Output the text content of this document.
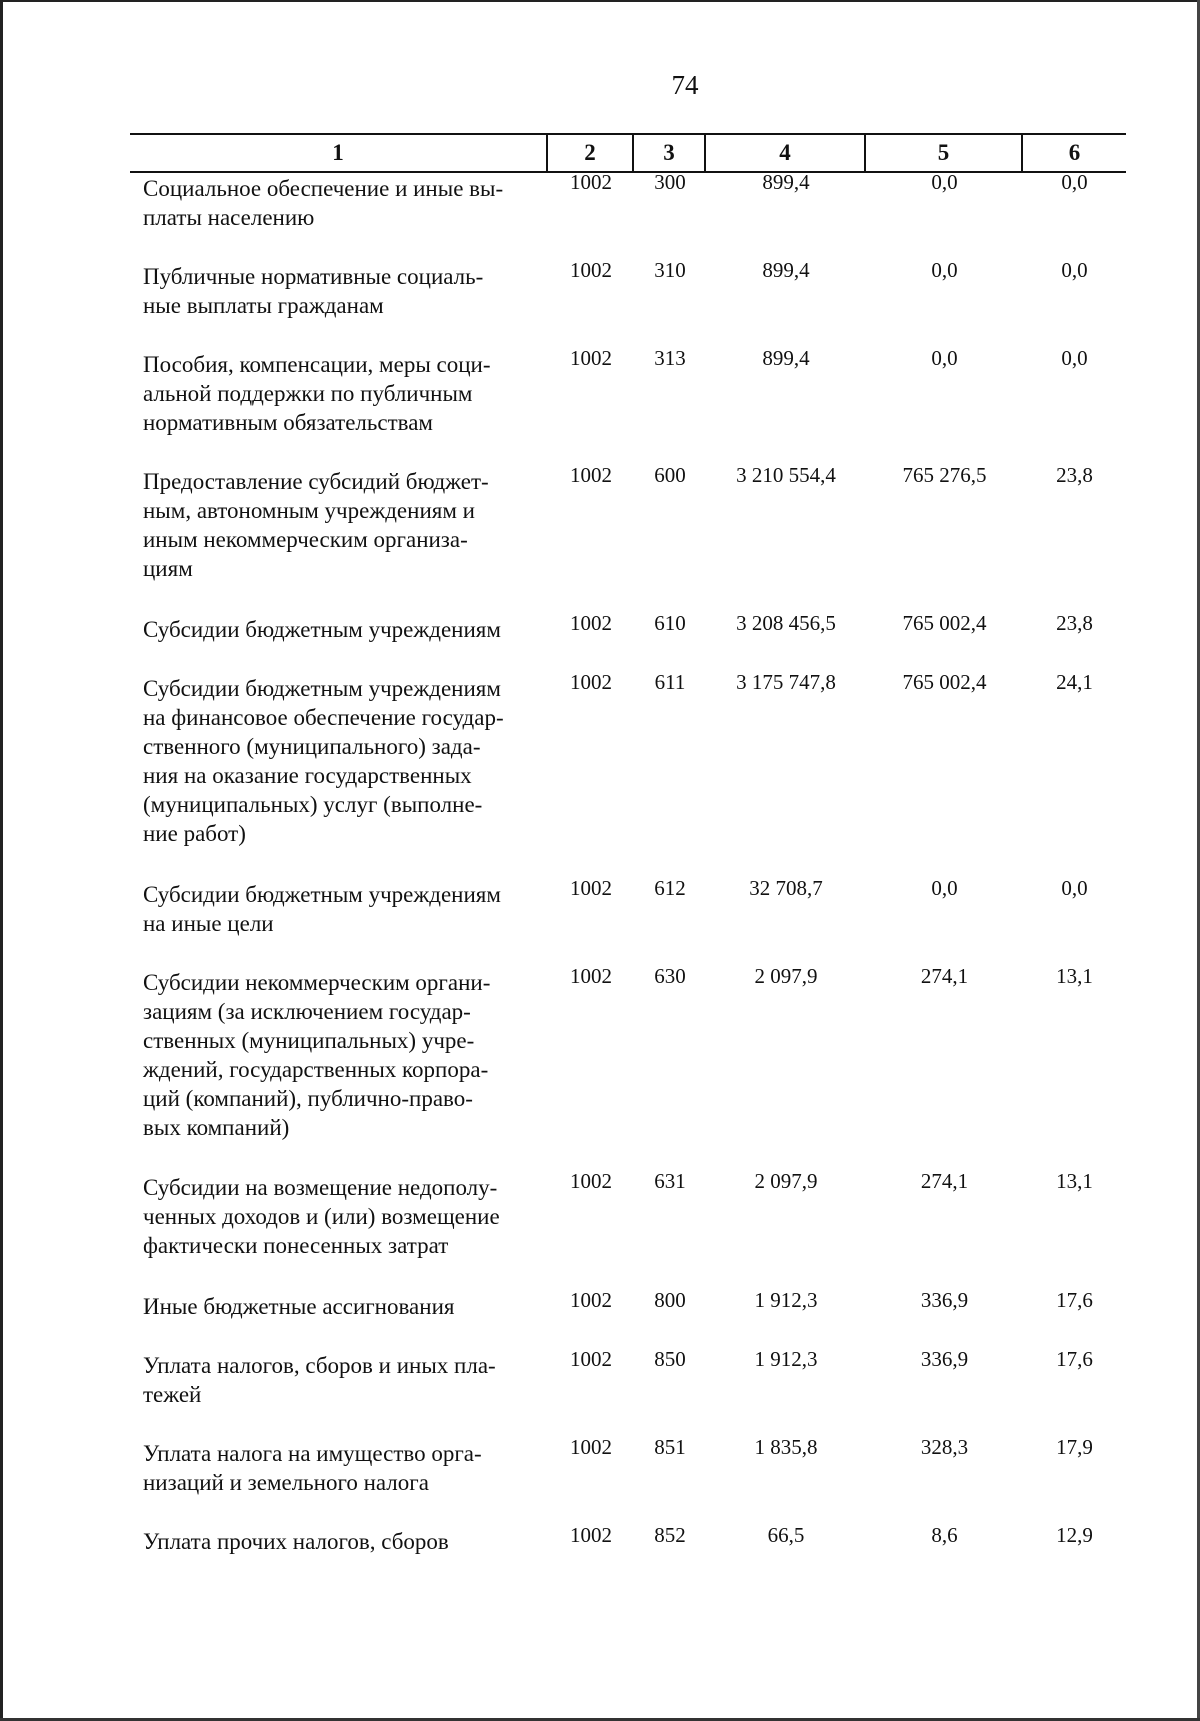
74
1	2	3	4	5	6
Социальное обеспечение и иные вы-
платы населению
1002	300	899,4	0,0	0,0
Публичные нормативные социаль-
ные выплаты гражданам
1002	310	899,4	0,0	0,0
Пособия, компенсации, меры соци-
альной поддержки по публичным
нормативным обязательствам
1002	313	899,4	0,0	0,0
Предоставление субсидий бюджет-
ным, автономным учреждениям и
иным некоммерческим организа-
циям
1002	600	3 210 554,4	765 276,5	23,8
Субсидии бюджетным учреждениям	1002	610	3 208 456,5	765 002,4	23,8
Субсидии бюджетным учреждениям
на финансовое обеспечение государ-
ственного (муниципального) зада-
ния на оказание государственных
(муниципальных) услуг (выполне-
ние работ)
1002	611	3 175 747,8	765 002,4	24,1
Субсидии бюджетным учреждениям
на иные цели
1002	612	32 708,7	0,0	0,0
Субсидии некоммерческим органи-
зациям (за исключением государ-
ственных (муниципальных) учре-
ждений, государственных корпора-
ций (компаний), публично-право-
вых компаний)
1002	630	2 097,9	274,1	13,1
Субсидии на возмещение недополу-
ченных доходов и (или) возмещение
фактически понесенных затрат
1002	631	2 097,9	274,1	13,1
Иные бюджетные ассигнования	1002	800	1 912,3	336,9	17,6
Уплата налогов, сборов и иных пла-
тежей
1002	850	1 912,3	336,9	17,6
Уплата налога на имущество орга-
низаций и земельного налога
1002	851	1 835,8	328,3	17,9
Уплата прочих налогов, сборов	1002	852	66,5	8,6	12,9
